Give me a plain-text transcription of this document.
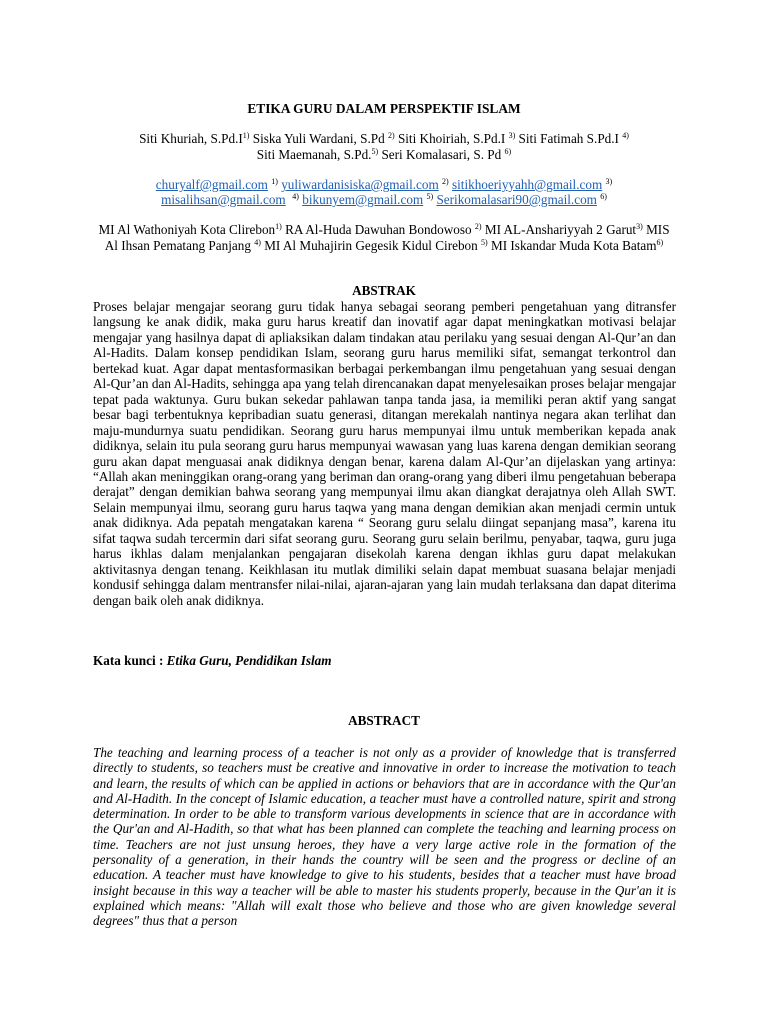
ETIKA GURU DALAM PERSPEKTIF ISLAM
Siti Khuriah, $S.Pd.I^{1)}$ Siska Yuli Wardani, S.Pd $^{2)}$ Siti Khoiriah, S.Pd.I $^{3)}$ Siti Fatimah S.Pd.I $^{4)}$
Siti Maemanah, S.Pd.$^{5)}$ Seri Komalasari, S. Pd $^{6)}$
churyalf@gmail.com $^{1)}$ yuliwardanisiska@gmail.com $^{2)}$ sitikhoeriyyahh@gmail.com $^{3)}$
misalihsan@gmail.com $^{4)}$ bikunyem@gmail.com $^{5)}$ Serikomalasari90@gmail.com $^{6)}$
MI Al Wathoniyah Kota Clirebon$^{1)}$ RA Al-Huda Dawuhan Bondowoso $^{2)}$ MI AL-Anshariyyah 2 Garut$^{3)}$ MIS Al Ihsan Pematang Panjang $^{4)}$ MI Al Muhajirin Gegesik Kidul Cirebon $^{5)}$ MI Iskandar Muda Kota Batam$^{6)}$
ABSTRAK
Proses belajar mengajar seorang guru tidak hanya sebagai seorang pemberi pengetahuan yang ditransfer langsung ke anak didik, maka guru harus kreatif dan inovatif agar dapat meningkatkan motivasi belajar mengajar yang hasilnya dapat di apliaksikan dalam tindakan atau perilaku yang sesuai dengan Al-Qur’an dan Al-Hadits. Dalam konsep pendidikan Islam, seorang guru harus memiliki sifat, semangat terkontrol dan bertekad kuat. Agar dapat mentasformasikan berbagai perkembangan ilmu pengetahuan yang sesuai dengan Al-Qur’an dan Al-Hadits, sehingga apa yang telah direncanakan dapat menyelesaikan proses belajar mengajar tepat pada waktunya. Guru bukan sekedar pahlawan tanpa tanda jasa, ia memiliki peran aktif yang sangat besar bagi terbentuknya kepribadian suatu generasi, ditangan merekalah nantinya negara akan terlihat dan maju-mundurnya suatu pendidikan. Seorang guru harus mempunyai ilmu untuk memberikan kepada anak didiknya, selain itu pula seorang guru harus mempunyai wawasan yang luas karena dengan demikian seorang guru akan dapat menguasai anak didiknya dengan benar, karena dalam Al-Qur’an dijelaskan yang artinya: “Allah akan meninggikan orang-orang yang beriman dan orang-orang yang diberi ilmu pengetahuan beberapa derajat” dengan demikian bahwa seorang yang mempunyai ilmu akan diangkat derajatnya oleh Allah SWT. Selain mempunyai ilmu, seorang guru harus taqwa yang mana dengan demikian akan menjadi cermin untuk anak didiknya. Ada pepatah mengatakan karena “ Seorang guru selalu diingat sepanjang masa”, karena itu sifat taqwa sudah tercermin dari sifat seorang guru. Seorang guru selain berilmu, penyabar, taqwa, guru juga harus ikhlas dalam menjalankan pengajaran disekolah karena dengan ikhlas guru dapat melakukan aktivitasnya dengan tenang. Keikhlasan itu mutlak dimiliki selain dapat membuat suasana belajar menjadi kondusif sehingga dalam mentransfer nilai-nilai, ajaran-ajaran yang lain mudah terlaksana dan dapat diterima dengan baik oleh anak didiknya.
Kata kunci : Etika Guru, Pendidikan Islam
ABSTRACT
The teaching and learning process of a teacher is not only as a provider of knowledge that is transferred directly to students, so teachers must be creative and innovative in order to increase the motivation to teach and learn, the results of which can be applied in actions or behaviors that are in accordance with the Qur'an and Al-Hadith. In the concept of Islamic education, a teacher must have a controlled nature, spirit and strong determination. In order to be able to transform various developments in science that are in accordance with the Qur'an and Al-Hadith, so that what has been planned can complete the teaching and learning process on time. Teachers are not just unsung heroes, they have a very large active role in the formation of the personality of a generation, in their hands the country will be seen and the progress or decline of an education. A teacher must have knowledge to give to his students, besides that a teacher must have broad insight because in this way a teacher will be able to master his students properly, because in the Qur'an it is explained which means: "Allah will exalt those who believe and those who are given knowledge several degrees" thus that a person
